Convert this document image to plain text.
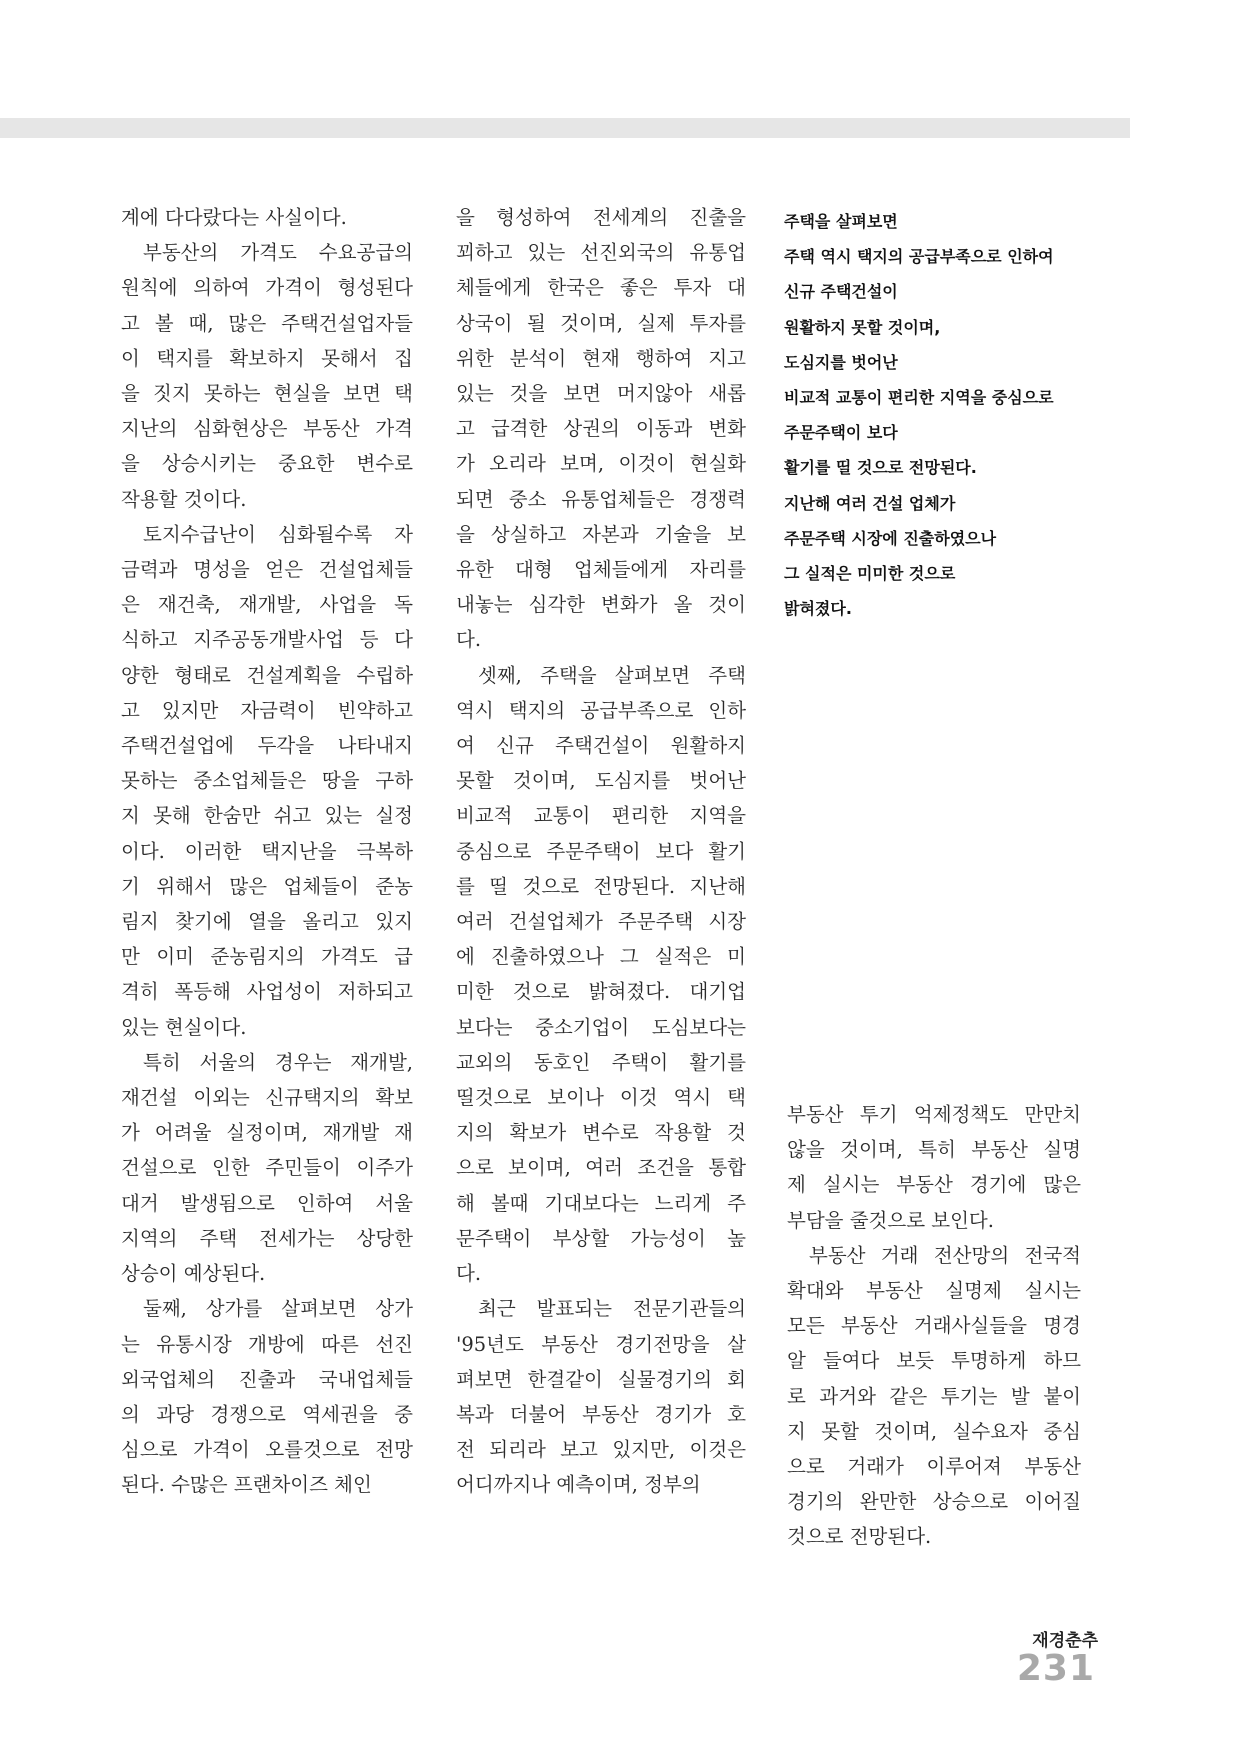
계에 다다랐다는 사실이다.

부동산의 가격도 수요공급의
원칙에 의하여 가격이 형성된다
고 볼 때, 많은 주택건설업자들
이 택지를 확보하지 못해서 집
을 짓지 못하는 현실을 보면 택
지난의 심화현상은 부동산 가격
을 상승시키는 중요한 변수로
작용할 것이다.

토지수급난이 심화될수록 자
금력과 명성을 얻은 건설업체들
은 재건축, 재개발, 사업을 독
식하고 지주공동개발사업 등 다
양한 형태로 건설계획을 수립하
고 있지만 자금력이 빈약하고
주택건설업에 두각을 나타내지
못하는 중소업체들은 땅을 구하
지 못해 한숨만 쉬고 있는 실정
이다. 이러한 택지난을 극복하
기 위해서 많은 업체들이 준농
림지 찾기에 열을 올리고 있지
만 이미 준농림지의 가격도 급
격히 폭등해 사업성이 저하되고
있는 현실이다.

특히 서울의 경우는 재개발,
재건설 이외는 신규택지의 확보
가 어려울 실정이며, 재개발 재
건설으로 인한 주민들이 이주가
대거 발생됨으로 인하여 서울
지역의 주택 전세가는 상당한
상승이 예상된다.

둘째, 상가를 살펴보면 상가
는 유통시장 개방에 따른 선진
외국업체의 진출과 국내업체들
의 과당 경쟁으로 역세권을 중
심으로 가격이 오를것으로 전망
된다. 수많은 프랜차이즈 체인

을 형성하여 전세계의 진출을
꾀하고 있는 선진외국의 유통업
체들에게 한국은 좋은 투자 대
상국이 될 것이며, 실제 투자를
위한 분석이 현재 행하여 지고
있는 것을 보면 머지않아 새롭
고 급격한 상권의 이동과 변화
가 오리라 보며, 이것이 현실화
되면 중소 유통업체들은 경쟁력
을 상실하고 자본과 기술을 보
유한 대형 업체들에게 자리를
내놓는 심각한 변화가 올 것이
다.

셋째, 주택을 살펴보면 주택
역시 택지의 공급부족으로 인하
여 신규 주택건설이 원활하지
못할 것이며, 도심지를 벗어난
비교적 교통이 편리한 지역을
중심으로 주문주택이 보다 활기
를 띨 것으로 전망된다. 지난해
여러 건설업체가 주문주택 시장
에 진출하였으나 그 실적은 미
미한 것으로 밝혀졌다. 대기업
보다는 중소기업이 도심보다는
교외의 동호인 주택이 활기를
띨것으로 보이나 이것 역시 택
지의 확보가 변수로 작용할 것
으로 보이며, 여러 조건을 통합
해 볼때 기대보다는 느리게 주
문주택이 부상할 가능성이 높
다.

최근 발표되는 전문기관들의
'95년도 부동산 경기전망을 살
펴보면 한결같이 실물경기의 회
복과 더불어 부동산 경기가 호
전 되리라 보고 있지만, 이것은
어디까지나 예측이며, 정부의

주택을 살펴보면
주택 역시 택지의 공급부족으로 인하여
신규 주택건설이
원활하지 못할 것이며,
도심지를 벗어난
비교적 교통이 편리한 지역을 중심으로
주문주택이 보다
활기를 띨 것으로 전망된다.
지난해 여러 건설 업체가
주문주택 시장에 진출하였으나
그 실적은 미미한 것으로
밝혀졌다.

부동산 투기 억제정책도 만만치
않을 것이며, 특히 부동산 실명
제 실시는 부동산 경기에 많은
부담을 줄것으로 보인다.

부동산 거래 전산망의 전국적
확대와 부동산 실명제 실시는
모든 부동산 거래사실들을 명경
알 들여다 보듯 투명하게 하므
로 과거와 같은 투기는 발 붙이
지 못할 것이며, 실수요자 중심
으로 거래가 이루어져 부동산
경기의 완만한 상승으로 이어질
것으로 전망된다.

재경춘추
231
